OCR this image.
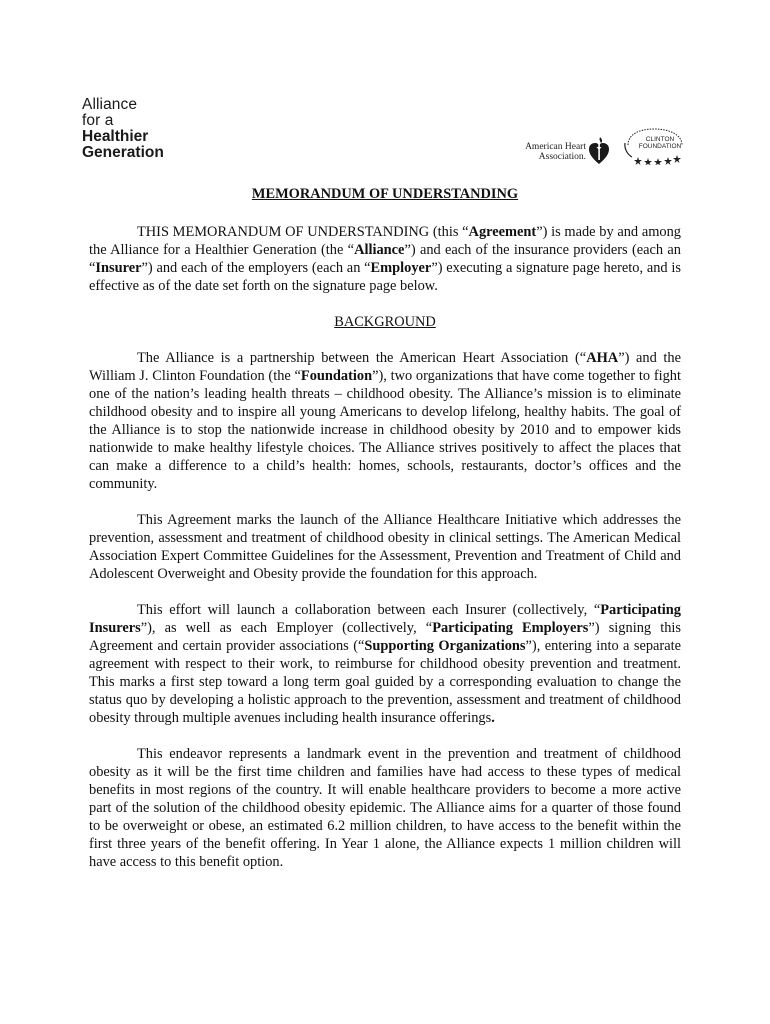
Alliance
for a
Healthier
Generation	American Heart
Association.
CLINTON
FOUNDATION
MEMORANDUM OF UNDERSTANDING

THIS MEMORANDUM OF UNDERSTANDING (this “Agreement”) is made by and among the Alliance for a Healthier Generation (the “Alliance”) and each of the insurance providers (each an “Insurer”) and each of the employers (each an “Employer”) executing a signature page hereto, and is effective as of the date set forth on the signature page below.

BACKGROUND

The Alliance is a partnership between the American Heart Association (“AHA”) and the William J. Clinton Foundation (the “Foundation”), two organizations that have come together to fight one of the nation’s leading health threats – childhood obesity. The Alliance’s mission is to eliminate childhood obesity and to inspire all young Americans to develop lifelong, healthy habits. The goal of the Alliance is to stop the nationwide increase in childhood obesity by 2010 and to empower kids nationwide to make healthy lifestyle choices. The Alliance strives positively to affect the places that can make a difference to a child’s health: homes, schools, restaurants, doctor’s offices and the community.

This Agreement marks the launch of the Alliance Healthcare Initiative which addresses the prevention, assessment and treatment of childhood obesity in clinical settings. The American Medical Association Expert Committee Guidelines for the Assessment, Prevention and Treatment of Child and Adolescent Overweight and Obesity provide the foundation for this approach.

This effort will launch a collaboration between each Insurer (collectively, “Participating Insurers”), as well as each Employer (collectively, “Participating Employers”) signing this Agreement and certain provider associations (“Supporting Organizations”), entering into a separate agreement with respect to their work, to reimburse for childhood obesity prevention and treatment. This marks a first step toward a long term goal guided by a corresponding evaluation to change the status quo by developing a holistic approach to the prevention, assessment and treatment of childhood obesity through multiple avenues including health insurance offerings.

This endeavor represents a landmark event in the prevention and treatment of childhood obesity as it will be the first time children and families have had access to these types of medical benefits in most regions of the country. It will enable healthcare providers to become a more active part of the solution of the childhood obesity epidemic. The Alliance aims for a quarter of those found to be overweight or obese, an estimated 6.2 million children, to have access to the benefit within the first three years of the benefit offering. In Year 1 alone, the Alliance expects 1 million children will have access to this benefit option.
